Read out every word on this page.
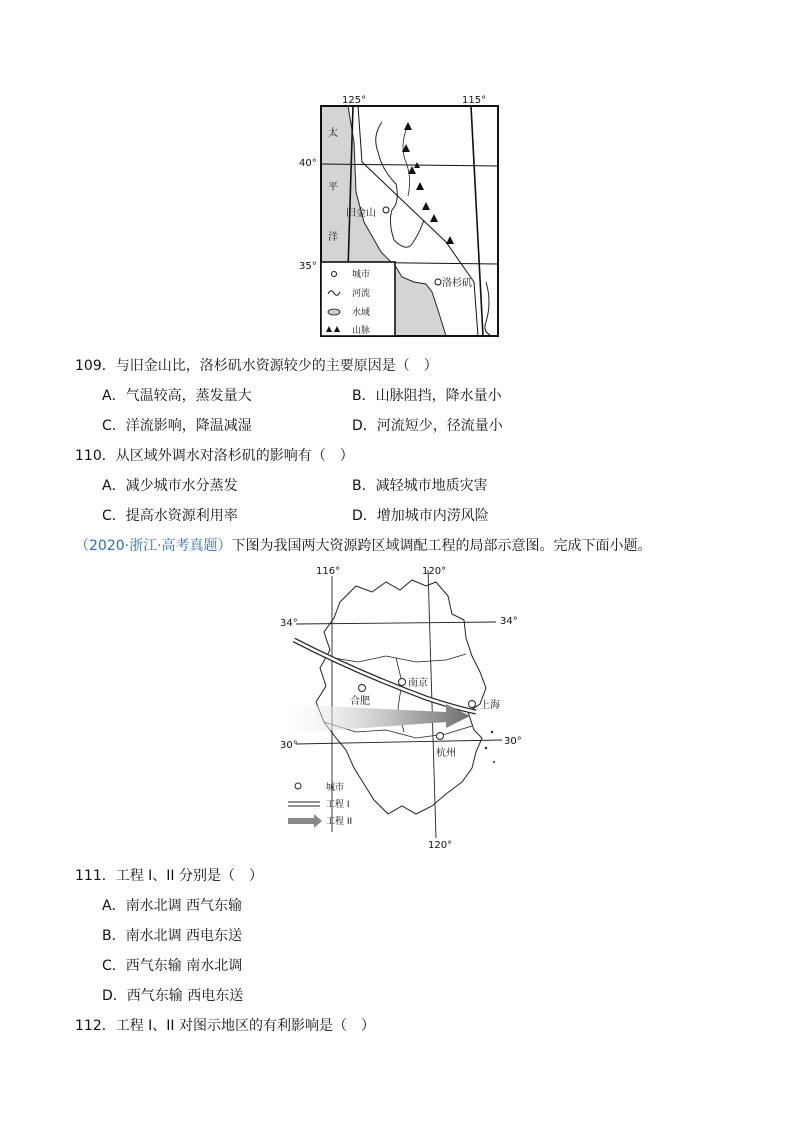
125°	115°
40°
35°
太
平
洋
旧金山
洛杉矶
城市
河流
水域
山脉
109．与旧金山比，洛杉矶水资源较少的主要原因是（　）
A．气温较高，蒸发量大	B．山脉阻挡，降水量小
C．洋流影响，降温减湿	D．河流短少，径流量小
110．从区域外调水对洛杉矶的影响有（　）
A．减少城市水分蒸发	B．减轻城市地质灾害
C．提高水资源利用率	D．增加城市内涝风险
（2020·浙江·高考真题）下图为我国两大资源跨区域调配工程的局部示意图。完成下面小题。
116°	120°
120°
34°	34°
30°	30°
南京
合肥	上海
杭州
城市
工程 I
工程 II
111．工程 I、II 分别是（　）
A．南水北调 西气东输
B．南水北调 西电东送
C．西气东输 南水北调
D．西气东输 西电东送
112．工程 I、II 对图示地区的有利影响是（　）
